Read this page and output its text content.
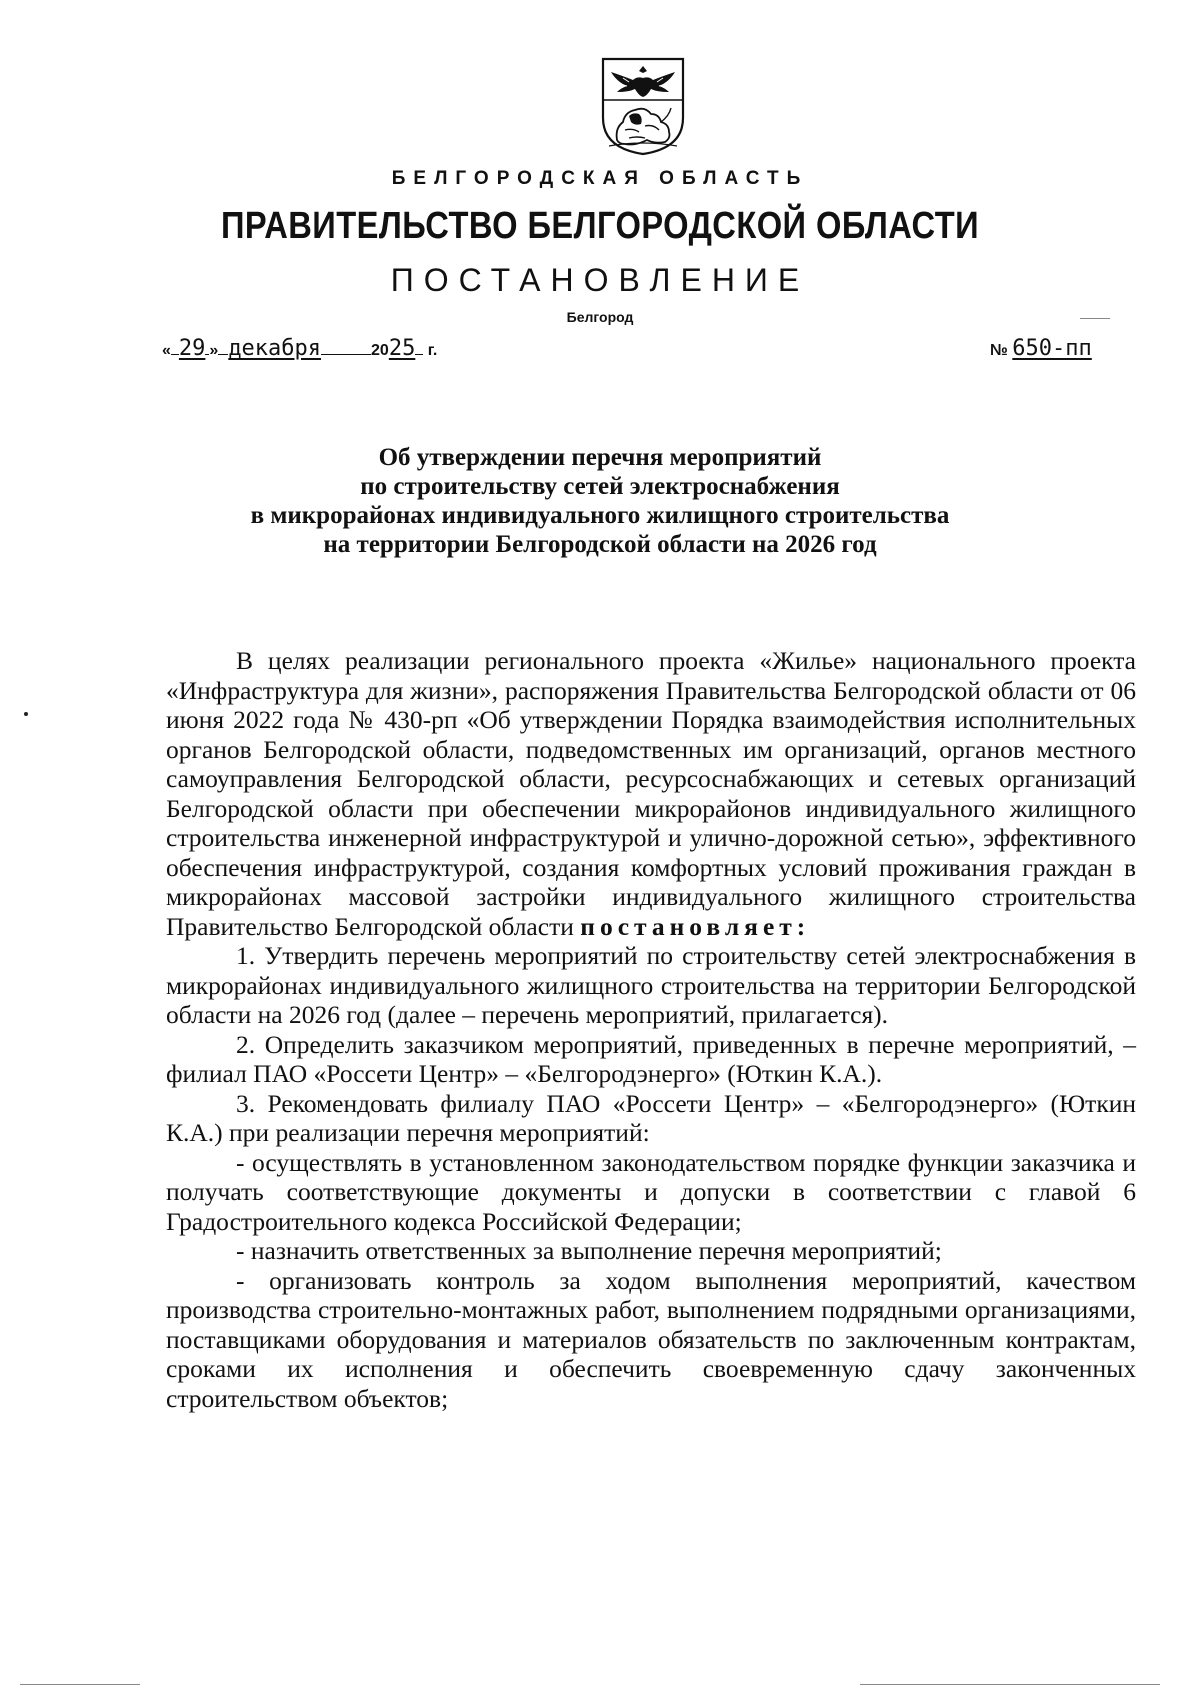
БЕЛГОРОДСКАЯ ОБЛАСТЬ
ПРАВИТЕЛЬСТВО БЕЛГОРОДСКОЙ ОБЛАСТИ
ПОСТАНОВЛЕНИЕ
Белгород
« 29 » декабря	2025 г.	№ 650-пп
Об утверждении перечня мероприятий
по строительству сетей электроснабжения
в микрорайонах индивидуального жилищного строительства
на территории Белгородской области на 2026 год

В целях реализации регионального проекта «Жилье» национального проекта «Инфраструктура для жизни», распоряжения Правительства Белгородской области от 06 июня 2022 года № 430-рп «Об утверждении Порядка взаимодействия исполнительных органов Белгородской области, подведомственных им организаций, органов местного самоуправления Белгородской области, ресурсоснабжающих и сетевых организаций Белгородской области при обеспечении микрорайонов индивидуального жилищного строительства инженерной инфраструктурой и улично-дорожной сетью», эффективного обеспечения инфраструктурой, создания комфортных условий проживания граждан в микрорайонах массовой застройки индивидуального жилищного строительства Правительство Белгородской области постановляет:

1. Утвердить перечень мероприятий по строительству сетей электроснабжения в микрорайонах индивидуального жилищного строительства на территории Белгородской области на 2026 год (далее – перечень мероприятий, прилагается).

2. Определить заказчиком мероприятий, приведенных в перечне мероприятий, – филиал ПАО «Россети Центр» – «Белгородэнерго» (Юткин К.А.).

3. Рекомендовать филиалу ПАО «Россети Центр» – «Белгородэнерго» (Юткин К.А.) при реализации перечня мероприятий:

- осуществлять в установленном законодательством порядке функции заказчика и получать соответствующие документы и допуски в соответствии с главой 6 Градостроительного кодекса Российской Федерации;

- назначить ответственных за выполнение перечня мероприятий;

- организовать контроль за ходом выполнения мероприятий, качеством производства строительно-монтажных работ, выполнением подрядными организациями, поставщиками оборудования и материалов обязательств по заключенным контрактам, сроками их исполнения и обеспечить своевременную сдачу законченных строительством объектов;
